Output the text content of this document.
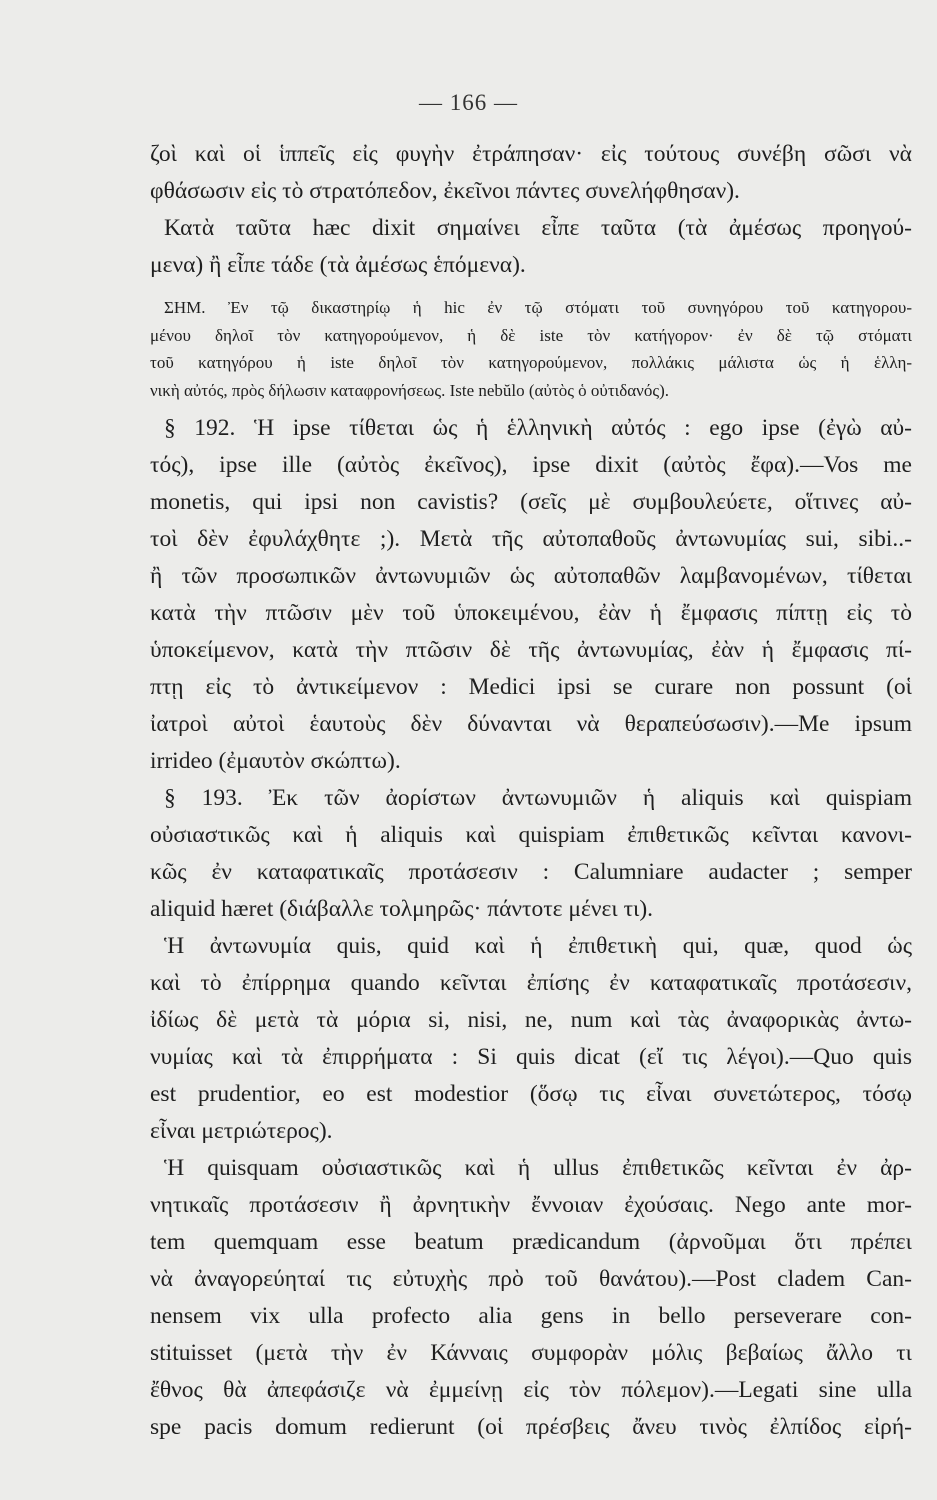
— 166 —
ζοὶ καὶ οἱ ἱππεῖς εἰς φυγὴν ἐτράπησαν· εἰς τούτους συνέβη σῶσι νὰ
φθάσωσιν εἰς τὸ στρατόπεδον, ἐκεῖνοι πάντες συνελήφθησαν).
Κατὰ ταῦτα hæc dixit σημαίνει εἶπε ταῦτα (τὰ ἀμέσως προηγού-
μενα) ἢ εἶπε τάδε (τὰ ἀμέσως ἑπόμενα).
ΣΗΜ. Ἐν τῷ δικαστηρίῳ ἡ hic ἐν τῷ στόματι τοῦ συνηγόρου τοῦ κατηγορου-
μένου δηλοῖ τὸν κατηγορούμενον, ἡ δὲ iste τὸν κατήγορον· ἐν δὲ τῷ στόματι
τοῦ κατηγόρου ἡ iste δηλοῖ τὸν κατηγορούμενον, πολλάκις μάλιστα ὡς ἡ ἑλλη-
νικὴ αὐτός, πρὸς δήλωσιν καταφρονήσεως. Iste nebŭlo (αὐτὸς ὁ οὐτιδανός).
§ 192. Ἡ ipse τίθεται ὡς ἡ ἑλληνικὴ αὐτός : ego ipse (ἐγὼ αὐ-
τός), ipse ille (αὐτὸς ἐκεῖνος), ipse dixit (αὐτὸς ἔφα).—Vos me
monetis, qui ipsi non cavistis? (σεῖς μὲ συμβουλεύετε, οἵτινες αὐ-
τοὶ δὲν ἐφυλάχθητε ;). Μετὰ τῆς αὐτοπαθοῦς ἀντωνυμίας sui, sibi..-
ἢ τῶν προσωπικῶν ἀντωνυμιῶν ὡς αὐτοπαθῶν λαμβανομένων, τίθεται
κατὰ τὴν πτῶσιν μὲν τοῦ ὑποκειμένου, ἐὰν ἡ ἔμφασις πίπτῃ εἰς τὸ
ὑποκείμενον, κατὰ τὴν πτῶσιν δὲ τῆς ἀντωνυμίας, ἐὰν ἡ ἔμφασις πί-
πτῃ εἰς τὸ ἀντικείμενον : Medici ipsi se curare non possunt (οἱ
ἰατροὶ αὐτοὶ ἑαυτοὺς δὲν δύνανται νὰ θεραπεύσωσιν).—Me ipsum
irrideo (ἐμαυτὸν σκώπτω).
§ 193. Ἐκ τῶν ἀορίστων ἀντωνυμιῶν ἡ aliquis καὶ quispiam
οὐσιαστικῶς καὶ ἡ aliquis καὶ quispiam ἐπιθετικῶς κεῖνται κανονι-
κῶς ἐν καταφατικαῖς προτάσεσιν : Calumniare audacter ; semper
aliquid hæret (διάβαλλε τολμηρῶς· πάντοτε μένει τι).
Ἡ ἀντωνυμία quis, quid καὶ ἡ ἐπιθετικὴ qui, quæ, quod ὡς
καὶ τὸ ἐπίρρημα quando κεῖνται ἐπίσης ἐν καταφατικαῖς προτάσεσιν,
ἰδίως δὲ μετὰ τὰ μόρια si, nisi, ne, num καὶ τὰς ἀναφορικὰς ἀντω-
νυμίας καὶ τὰ ἐπιρρήματα : Si quis dicat (εἴ τις λέγοι).—Quo quis
est prudentior, eo est modestior (ὅσῳ τις εἶναι συνετώτερος, τόσῳ
εἶναι μετριώτερος).
Ἡ quisquam οὐσιαστικῶς καὶ ἡ ullus ἐπιθετικῶς κεῖνται ἐν ἀρ-
νητικαῖς προτάσεσιν ἢ ἀρνητικὴν ἔννοιαν ἐχούσαις. Nego ante mor-
tem quemquam esse beatum prædicandum (ἀρνοῦμαι ὅτι πρέπει
νὰ ἀναγορεύηταί τις εὐτυχὴς πρὸ τοῦ θανάτου).—Post cladem Can-
nensem vix ulla profecto alia gens in bello perseverare con-
stituisset (μετὰ τὴν ἐν Κάνναις συμφορὰν μόλις βεβαίως ἄλλο τι
ἔθνος θὰ ἀπεφάσιζε νὰ ἐμμείνῃ εἰς τὸν πόλεμον).—Legati sine ulla
spe pacis domum redierunt (οἱ πρέσβεις ἄνευ τινὸς ἐλπίδος εἰρή-
